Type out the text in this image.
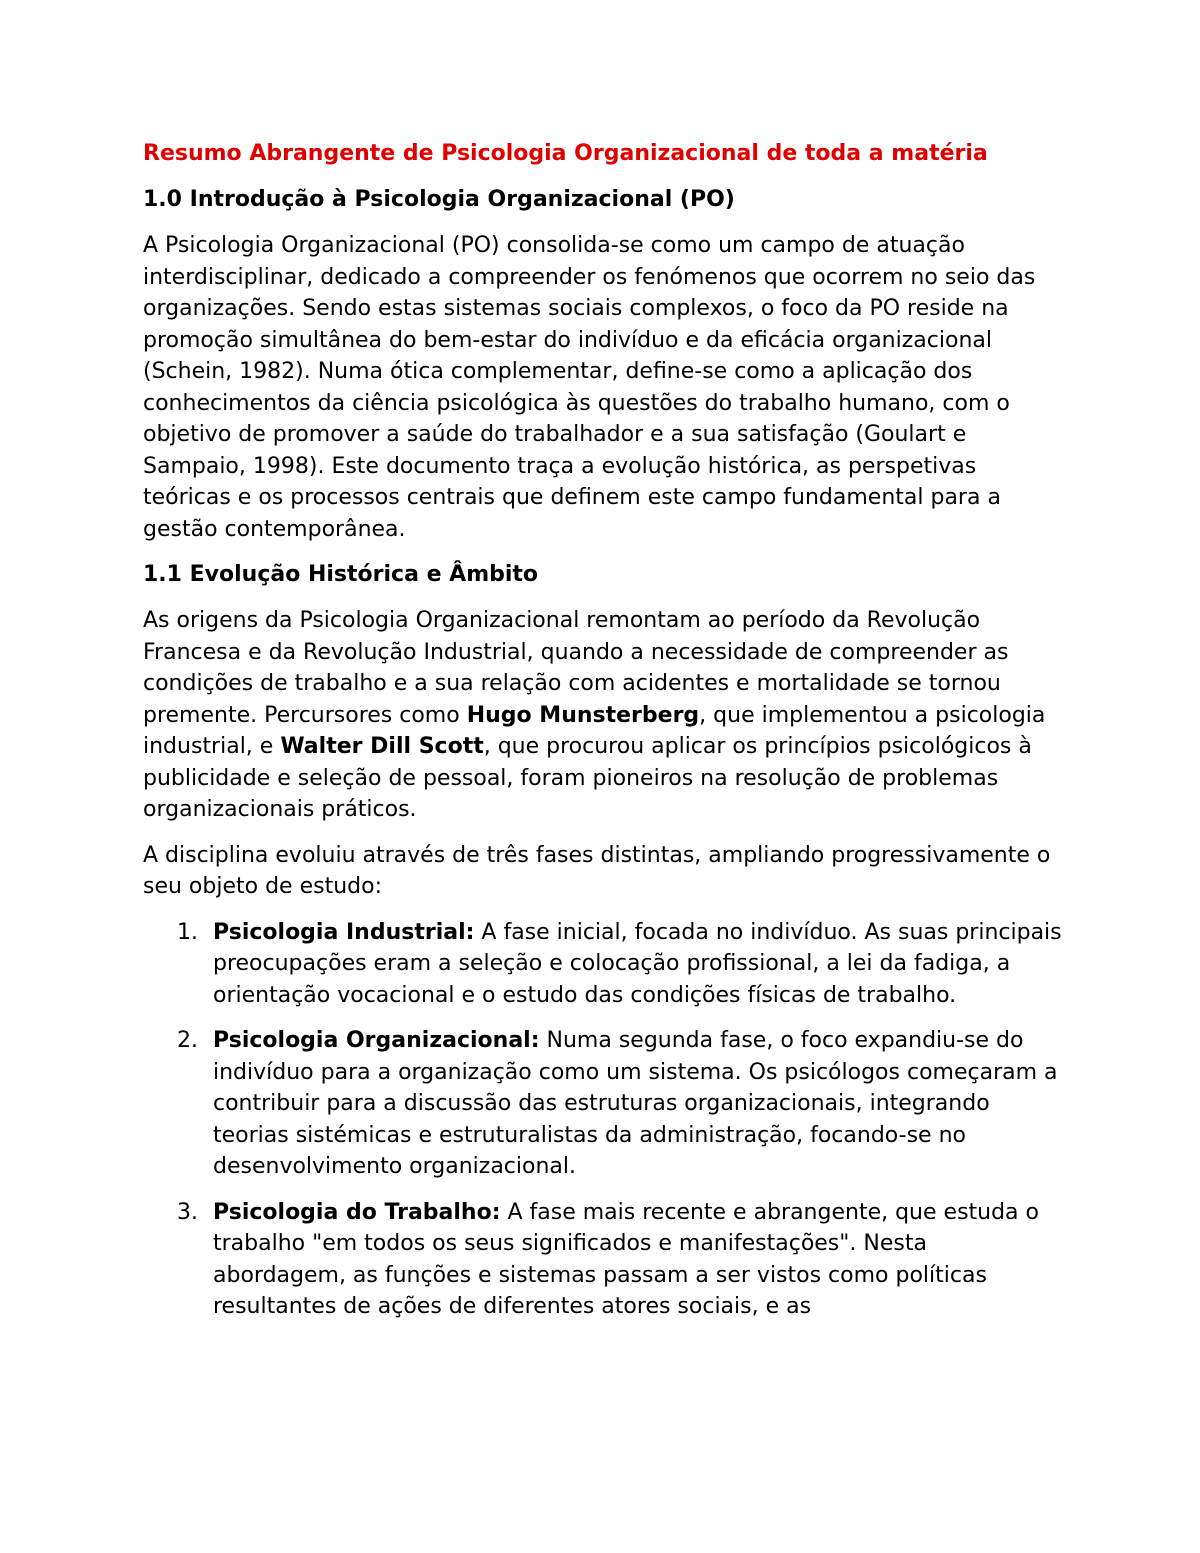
Resumo Abrangente de Psicologia Organizacional de toda a matéria
1.0 Introdução à Psicologia Organizacional (PO)

A Psicologia Organizacional (PO) consolida-se como um campo de atuação interdisciplinar, dedicado a compreender os fenómenos que ocorrem no seio das organizações. Sendo estas sistemas sociais complexos, o foco da PO reside na promoção simultânea do bem-estar do indivíduo e da eficácia organizacional (Schein, 1982). Numa ótica complementar, define-se como a aplicação dos conhecimentos da ciência psicológica às questões do trabalho humano, com o objetivo de promover a saúde do trabalhador e a sua satisfação (Goulart e Sampaio, 1998). Este documento traça a evolução histórica, as perspetivas teóricas e os processos centrais que definem este campo fundamental para a gestão contemporânea.

1.1 Evolução Histórica e Âmbito

As origens da Psicologia Organizacional remontam ao período da Revolução Francesa e da Revolução Industrial, quando a necessidade de compreender as condições de trabalho e a sua relação com acidentes e mortalidade se tornou premente. Percursores como Hugo Munsterberg, que implementou a psicologia industrial, e Walter Dill Scott, que procurou aplicar os princípios psicológicos à publicidade e seleção de pessoal, foram pioneiros na resolução de problemas organizacionais práticos.

A disciplina evoluiu através de três fases distintas, ampliando progressivamente o seu objeto de estudo:

1. Psicologia Industrial: A fase inicial, focada no indivíduo. As suas principais preocupações eram a seleção e colocação profissional, a lei da fadiga, a orientação vocacional e o estudo das condições físicas de trabalho.
2. Psicologia Organizacional: Numa segunda fase, o foco expandiu-se do indivíduo para a organização como um sistema. Os psicólogos começaram a contribuir para a discussão das estruturas organizacionais, integrando teorias sistémicas e estruturalistas da administração, focando-se no desenvolvimento organizacional.
3. Psicologia do Trabalho: A fase mais recente e abrangente, que estuda o trabalho "em todos os seus significados e manifestações". Nesta abordagem, as funções e sistemas passam a ser vistos como políticas resultantes de ações de diferentes atores sociais, e as
